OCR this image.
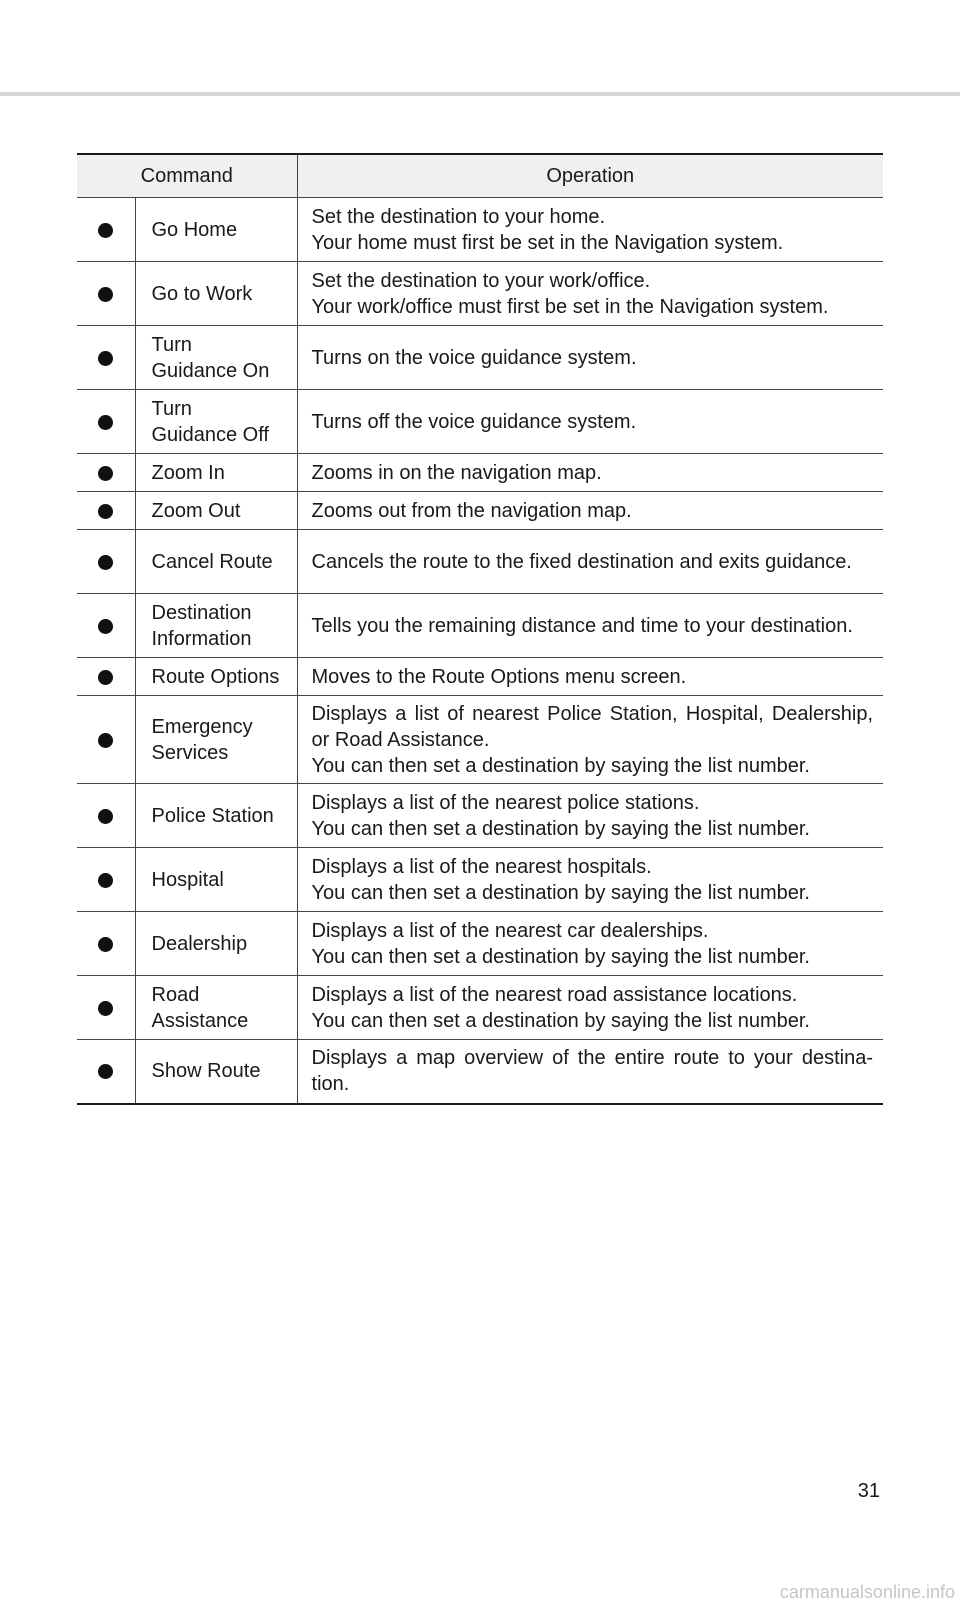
Command		Operation

	Go Home	Set the destination to your home.
Your home must first be set in the Navigation system.

	Go to Work	Set the destination to your work/office.
Your work/office must first be set in the Navigation system.

	Turn
Guidance On	Turns on the voice guidance system.

	Turn
Guidance Off	Turns off the voice guidance system.

	Zoom In	Zooms in on the navigation map.

	Zoom Out	Zooms out from the navigation map.

	Cancel Route	Cancels the route to the fixed destination and exits guidance.

	Destination
Information	Tells you the remaining distance and time to your destination.

	Route Options	Moves to the Route Options menu screen.

	Emergency
Services	Displays a list of nearest Police Station, Hospital, Dealership, or Road Assistance.
You can then set a destination by saying the list number.

	Police Station	Displays a list of the nearest police stations.
You can then set a destination by saying the list number.

	Hospital	Displays a list of the nearest hospitals.
You can then set a destination by saying the list number.

	Dealership	Displays a list of the nearest car dealerships.
You can then set a destination by saying the list number.

	Road
Assistance	Displays a list of the nearest road assistance locations.
You can then set a destination by saying the list number.

	Show Route	Displays a map overview of the entire route to your destina-tion.
31
carmanualsonline.info
